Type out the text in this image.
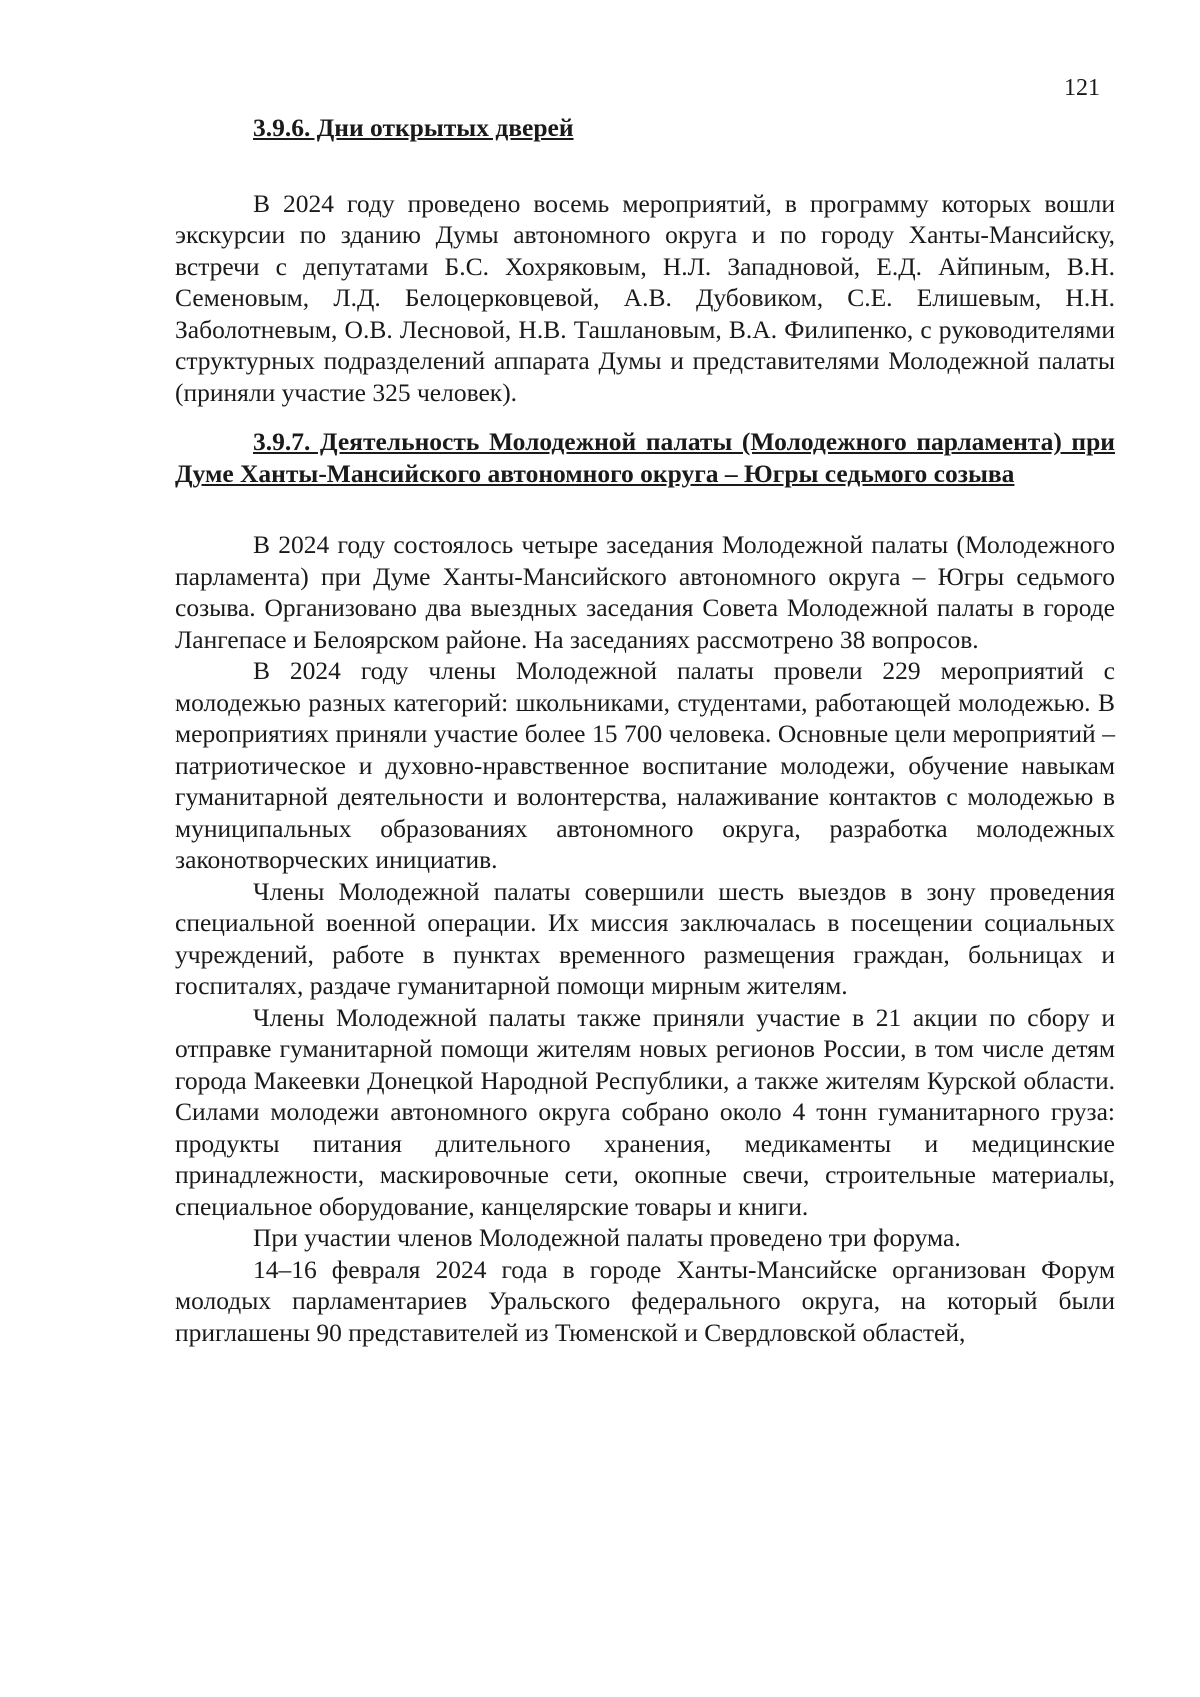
121
3.9.6. Дни открытых дверей

В 2024 году проведено восемь мероприятий, в программу которых вошли экскурсии по зданию Думы автономного округа и по городу Ханты-Мансийску, встречи с депутатами Б.С. Хохряковым, Н.Л. Западновой, Е.Д. Айпиным, В.Н. Семеновым, Л.Д. Белоцерковцевой, А.В. Дубовиком, С.Е. Елишевым, Н.Н. Заболотневым, О.В. Лесновой, Н.В. Ташлановым, В.А. Филипенко, с руководителями структурных подразделений аппарата Думы и представителями Молодежной палаты (приняли участие 325 человек).

3.9.7. Деятельность Молодежной палаты (Молодежного парламента) при Думе Ханты-Мансийского автономного округа – Югры седьмого созыва

В 2024 году состоялось четыре заседания Молодежной палаты (Молодежного парламента) при Думе Ханты-Мансийского автономного округа – Югры седьмого созыва. Организовано два выездных заседания Совета Молодежной палаты в городе Лангепасе и Белоярском районе. На заседаниях рассмотрено 38 вопросов.

В 2024 году члены Молодежной палаты провели 229 мероприятий с молодежью разных категорий: школьниками, студентами, работающей молодежью. В мероприятиях приняли участие более 15 700 человека. Основные цели мероприятий – патриотическое и духовно-нравственное воспитание молодежи, обучение навыкам гуманитарной деятельности и волонтерства, налаживание контактов с молодежью в муниципальных образованиях автономного округа, разработка молодежных законотворческих инициатив.

Члены Молодежной палаты совершили шесть выездов в зону проведения специальной военной операции. Их миссия заключалась в посещении социальных учреждений, работе в пунктах временного размещения граждан, больницах и госпиталях, раздаче гуманитарной помощи мирным жителям.

Члены Молодежной палаты также приняли участие в 21 акции по сбору и отправке гуманитарной помощи жителям новых регионов России, в том числе детям города Макеевки Донецкой Народной Республики, а также жителям Курской области. Силами молодежи автономного округа собрано около 4 тонн гуманитарного груза: продукты питания длительного хранения, медикаменты и медицинские принадлежности, маскировочные сети, окопные свечи, строительные материалы, специальное оборудование, канцелярские товары и книги.

При участии членов Молодежной палаты проведено три форума.

14–16 февраля 2024 года в городе Ханты-Мансийске организован Форум молодых парламентариев Уральского федерального округа, на который были приглашены 90 представителей из Тюменской и Свердловской областей,
